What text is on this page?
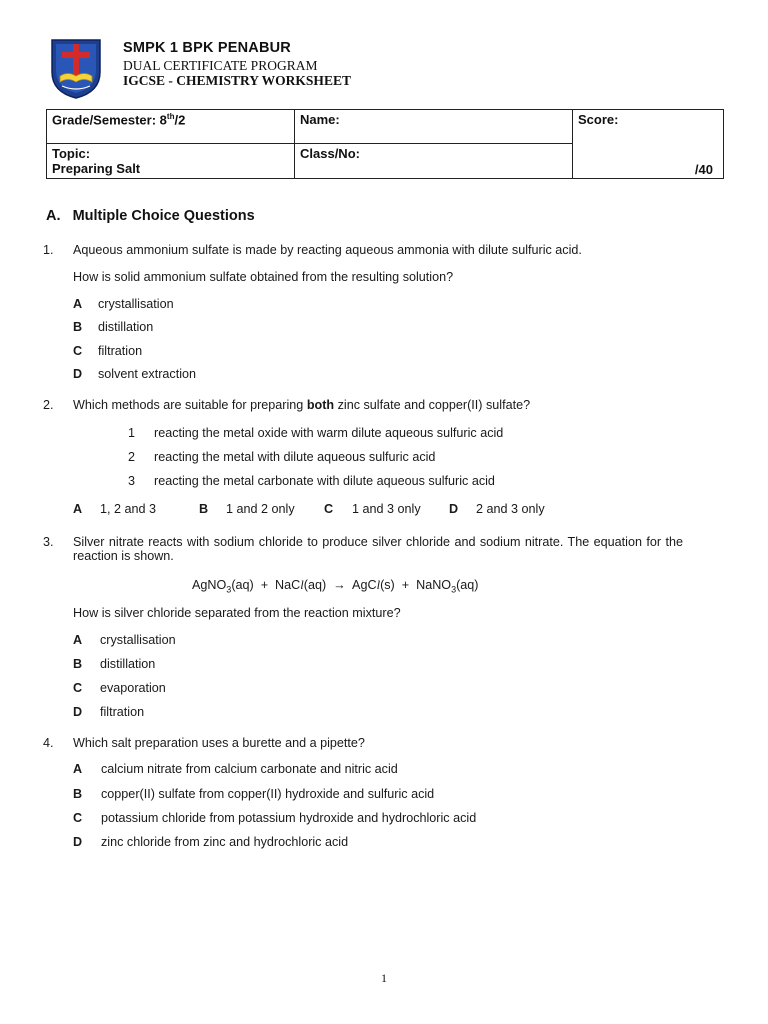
SMPK 1 BPK PENABUR
DUAL CERTIFICATE PROGRAM
IGCSE - CHEMISTRY WORKSHEET
Grade/Semester: 8th/2	Name:	Score:
/40

Topic:
Preparing Salt	Class/No:	
A.   Multiple Choice Questions
1. Aqueous ammonium sulfate is made by reacting aqueous ammonia with dilute sulfuric acid.
How is solid ammonium sulfate obtained from the resulting solution?
A crystallisation
B distillation
C filtration
D solvent extraction
2. Which methods are suitable for preparing both zinc sulfate and copper(II) sulfate?
1 reacting the metal oxide with warm dilute aqueous sulfuric acid
2 reacting the metal with dilute aqueous sulfuric acid
3 reacting the metal carbonate with dilute aqueous sulfuric acid
A 1, 2 and 3	B 1 and 2 only C 1 and 3 only D 2 and 3 only
3. Silver nitrate reacts with sodium chloride to produce silver chloride and sodium nitrate. The equation for the reaction is shown.
AgNO$_3$(aq)  +  NaCl(aq)  →  AgCl(s)  +  NaNO$_3$(aq)
How is silver chloride separated from the reaction mixture?
A crystallisation
B distillation
C evaporation
D filtration
4. Which salt preparation uses a burette and a pipette?
A calcium nitrate from calcium carbonate and nitric acid
B copper(II) sulfate from copper(II) hydroxide and sulfuric acid
C potassium chloride from potassium hydroxide and hydrochloric acid
D zinc chloride from zinc and hydrochloric acid
1
